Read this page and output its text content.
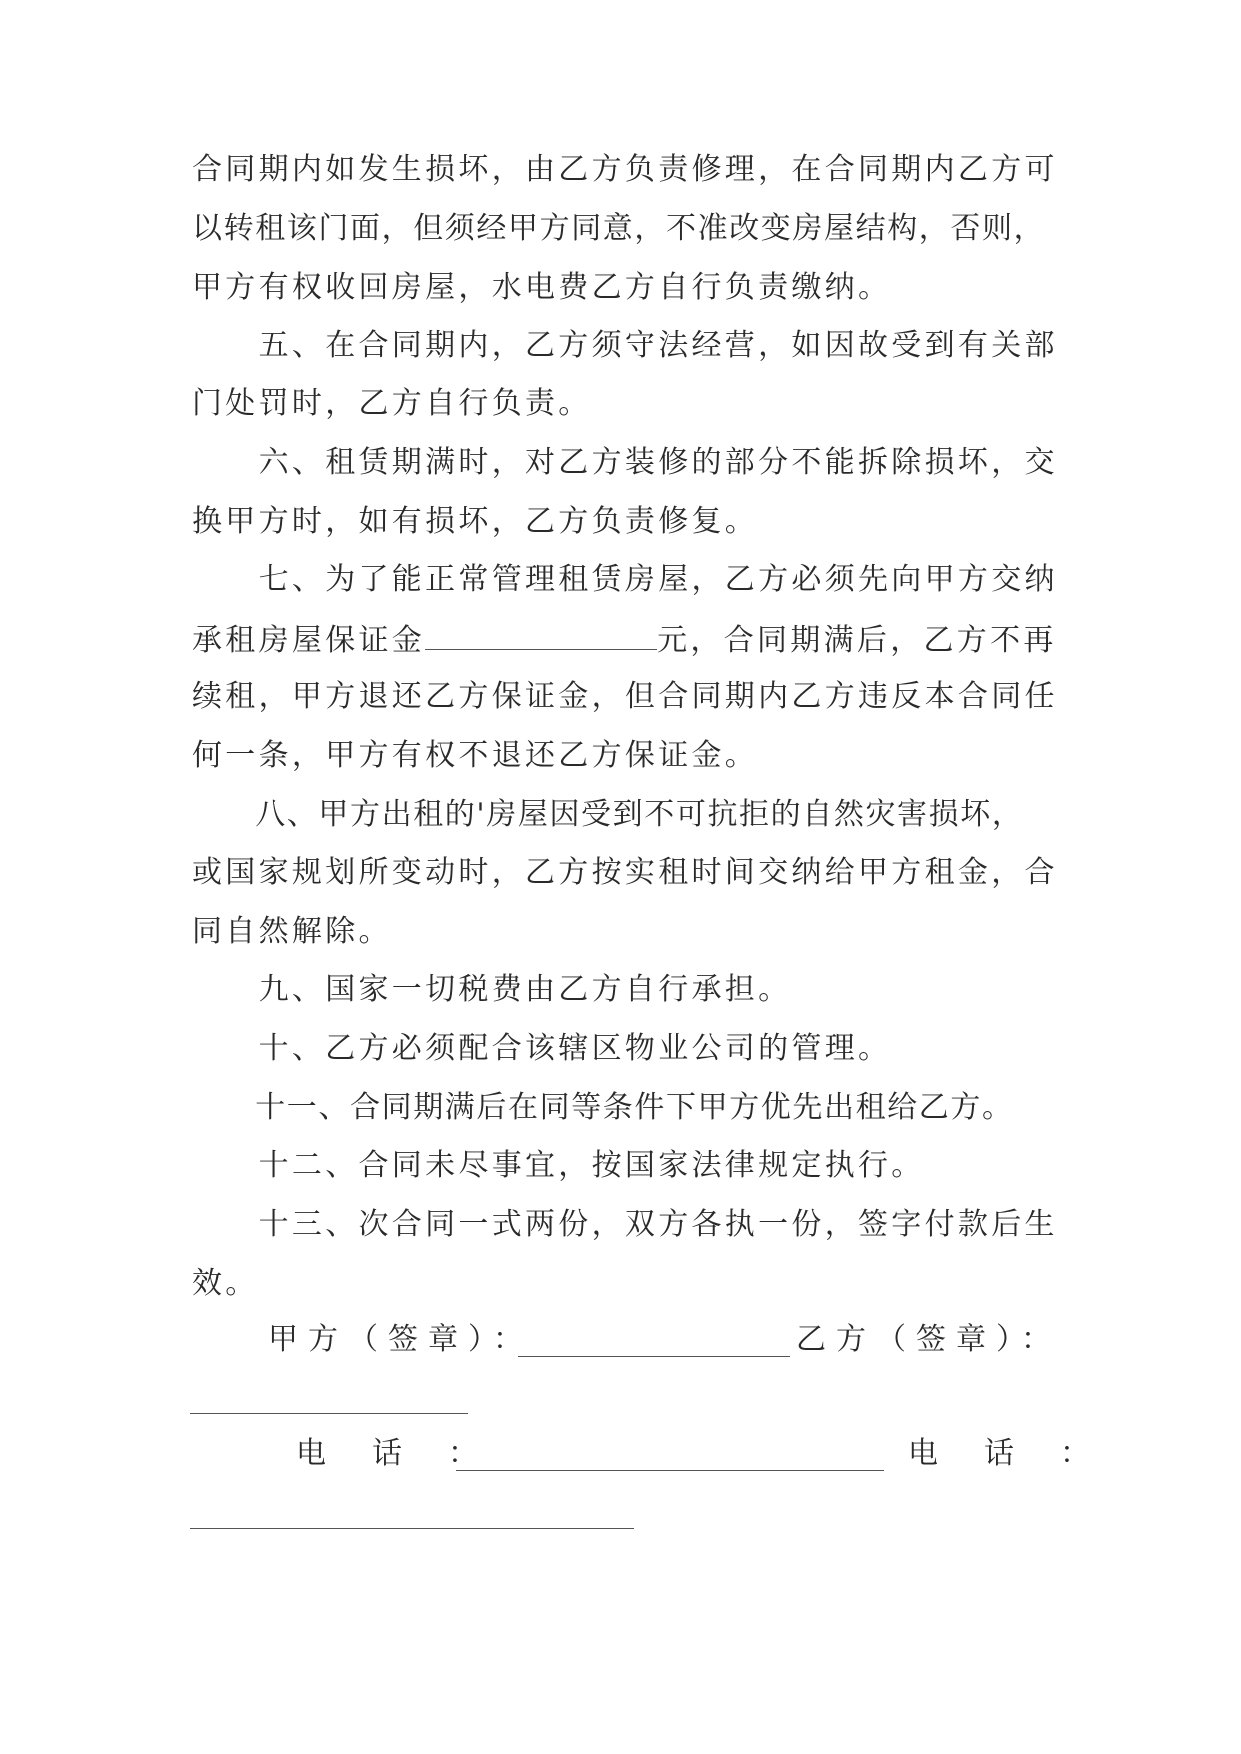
合同期内如发生损坏，由乙方负责修理，在合同期内乙方可
以转租该门面，但须经甲方同意，不准改变房屋结构，否则，
甲方有权收回房屋，水电费乙方自行负责缴纳。
　　五、在合同期内，乙方须守法经营，如因故受到有关部
门处罚时，乙方自行负责。
　　六、租赁期满时，对乙方装修的部分不能拆除损坏，交
换甲方时，如有损坏，乙方负责修复。
　　七、为了能正常管理租赁房屋，乙方必须先向甲方交纳
承租房屋保证金	元，合同期满后，乙方不再
续租，甲方退还乙方保证金，但合同期内乙方违反本合同任
何一条，甲方有权不退还乙方保证金。
　　八、甲方出租的'房屋因受到不可抗拒的自然灾害损坏，
或国家规划所变动时，乙方按实租时间交纳给甲方租金，合
同自然解除。
　　九、国家一切税费由乙方自行承担。
　　十、乙方必须配合该辖区物业公司的管理。
　　十一、合同期满后在同等条件下甲方优先出租给乙方。
　　十二、合同未尽事宜，按国家法律规定执行。
　　十三、次合同一式两份，双方各执一份，签字付款后生
效。
甲方（签章）：	乙方（签章）：
电　话　：	电　话　：
